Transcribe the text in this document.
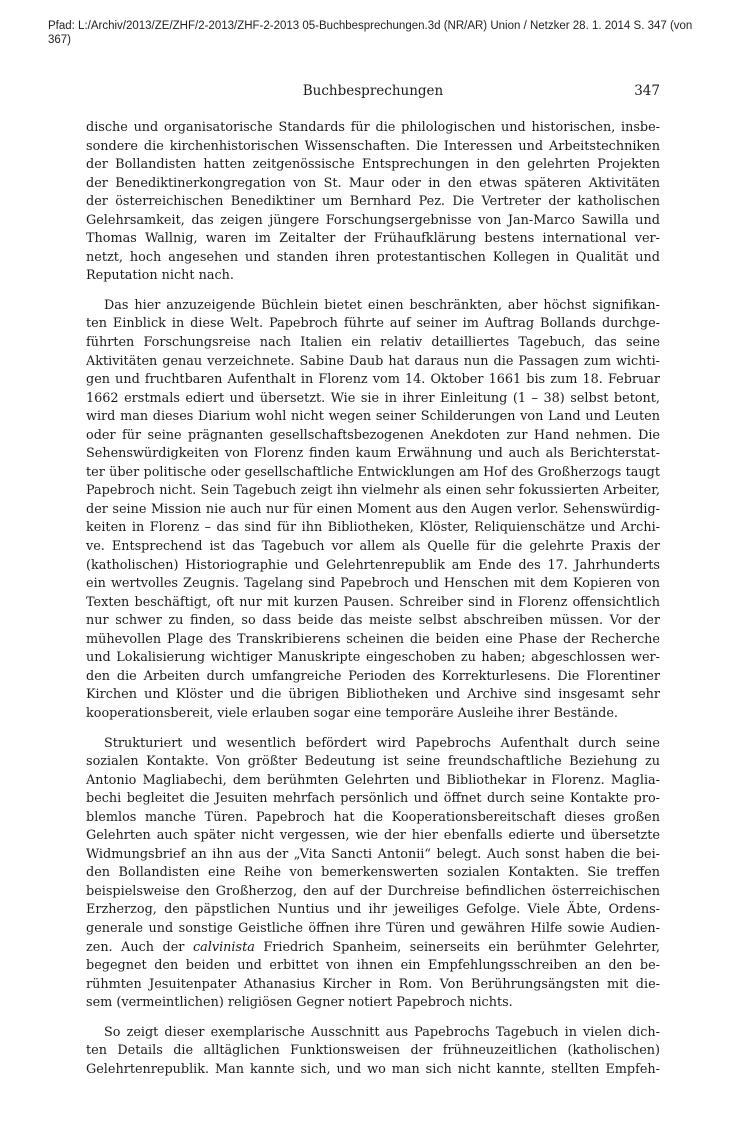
Pfad: L:/Archiv/2013/ZE/ZHF/2-2013/ZHF-2-2013 05-Buchbesprechungen.3d (NR/AR) Union / Netzker 28. 1. 2014 S. 347 (von 367)
Buchbesprechungen	347
dische und organisatorische Standards für die philologischen und historischen, insbe-
sondere die kirchenhistorischen Wissenschaften. Die Interessen und Arbeitstechniken
der Bollandisten hatten zeitgenössische Entsprechungen in den gelehrten Projekten
der Benediktinerkongregation von St. Maur oder in den etwas späteren Aktivitäten
der österreichischen Benediktiner um Bernhard Pez. Die Vertreter der katholischen
Gelehrsamkeit, das zeigen jüngere Forschungsergebnisse von Jan-Marco Sawilla und
Thomas Wallnig, waren im Zeitalter der Frühaufklärung bestens international ver-
netzt, hoch angesehen und standen ihren protestantischen Kollegen in Qualität und
Reputation nicht nach.
Das hier anzuzeigende Büchlein bietet einen beschränkten, aber höchst signifikan-
ten Einblick in diese Welt. Papebroch führte auf seiner im Auftrag Bollands durchge-
führten Forschungsreise nach Italien ein relativ detailliertes Tagebuch, das seine
Aktivitäten genau verzeichnete. Sabine Daub hat daraus nun die Passagen zum wichti-
gen und fruchtbaren Aufenthalt in Florenz vom 14. Oktober 1661 bis zum 18. Februar
1662 erstmals ediert und übersetzt. Wie sie in ihrer Einleitung (1 – 38) selbst betont,
wird man dieses Diarium wohl nicht wegen seiner Schilderungen von Land und Leuten
oder für seine prägnanten gesellschaftsbezogenen Anekdoten zur Hand nehmen. Die
Sehenswürdigkeiten von Florenz finden kaum Erwähnung und auch als Berichterstat-
ter über politische oder gesellschaftliche Entwicklungen am Hof des Großherzogs taugt
Papebroch nicht. Sein Tagebuch zeigt ihn vielmehr als einen sehr fokussierten Arbeiter,
der seine Mission nie auch nur für einen Moment aus den Augen verlor. Sehenswürdig-
keiten in Florenz – das sind für ihn Bibliotheken, Klöster, Reliquienschätze und Archi-
ve. Entsprechend ist das Tagebuch vor allem als Quelle für die gelehrte Praxis der
(katholischen) Historiographie und Gelehrtenrepublik am Ende des 17. Jahrhunderts
ein wertvolles Zeugnis. Tagelang sind Papebroch und Henschen mit dem Kopieren von
Texten beschäftigt, oft nur mit kurzen Pausen. Schreiber sind in Florenz offensichtlich
nur schwer zu finden, so dass beide das meiste selbst abschreiben müssen. Vor der
mühevollen Plage des Transkribierens scheinen die beiden eine Phase der Recherche
und Lokalisierung wichtiger Manuskripte eingeschoben zu haben; abgeschlossen wer-
den die Arbeiten durch umfangreiche Perioden des Korrekturlesens. Die Florentiner
Kirchen und Klöster und die übrigen Bibliotheken und Archive sind insgesamt sehr
kooperationsbereit, viele erlauben sogar eine temporäre Ausleihe ihrer Bestände.
Strukturiert und wesentlich befördert wird Papebrochs Aufenthalt durch seine
sozialen Kontakte. Von größter Bedeutung ist seine freundschaftliche Beziehung zu
Antonio Magliabechi, dem berühmten Gelehrten und Bibliothekar in Florenz. Maglia-
bechi begleitet die Jesuiten mehrfach persönlich und öffnet durch seine Kontakte pro-
blemlos manche Türen. Papebroch hat die Kooperationsbereitschaft dieses großen
Gelehrten auch später nicht vergessen, wie der hier ebenfalls edierte und übersetzte
Widmungsbrief an ihn aus der „Vita Sancti Antonii“ belegt. Auch sonst haben die bei-
den Bollandisten eine Reihe von bemerkenswerten sozialen Kontakten. Sie treffen
beispielsweise den Großherzog, den auf der Durchreise befindlichen österreichischen
Erzherzog, den päpstlichen Nuntius und ihr jeweiliges Gefolge. Viele Äbte, Ordens-
generale und sonstige Geistliche öffnen ihre Türen und gewähren Hilfe sowie Audien-
zen. Auch der calvinista Friedrich Spanheim, seinerseits ein berühmter Gelehrter,
begegnet den beiden und erbittet von ihnen ein Empfehlungsschreiben an den be-
rühmten Jesuitenpater Athanasius Kircher in Rom. Von Berührungsängsten mit die-
sem (vermeintlichen) religiösen Gegner notiert Papebroch nichts.
So zeigt dieser exemplarische Ausschnitt aus Papebrochs Tagebuch in vielen dich-
ten Details die alltäglichen Funktionsweisen der frühneuzeitlichen (katholischen)
Gelehrtenrepublik. Man kannte sich, und wo man sich nicht kannte, stellten Empfeh-
